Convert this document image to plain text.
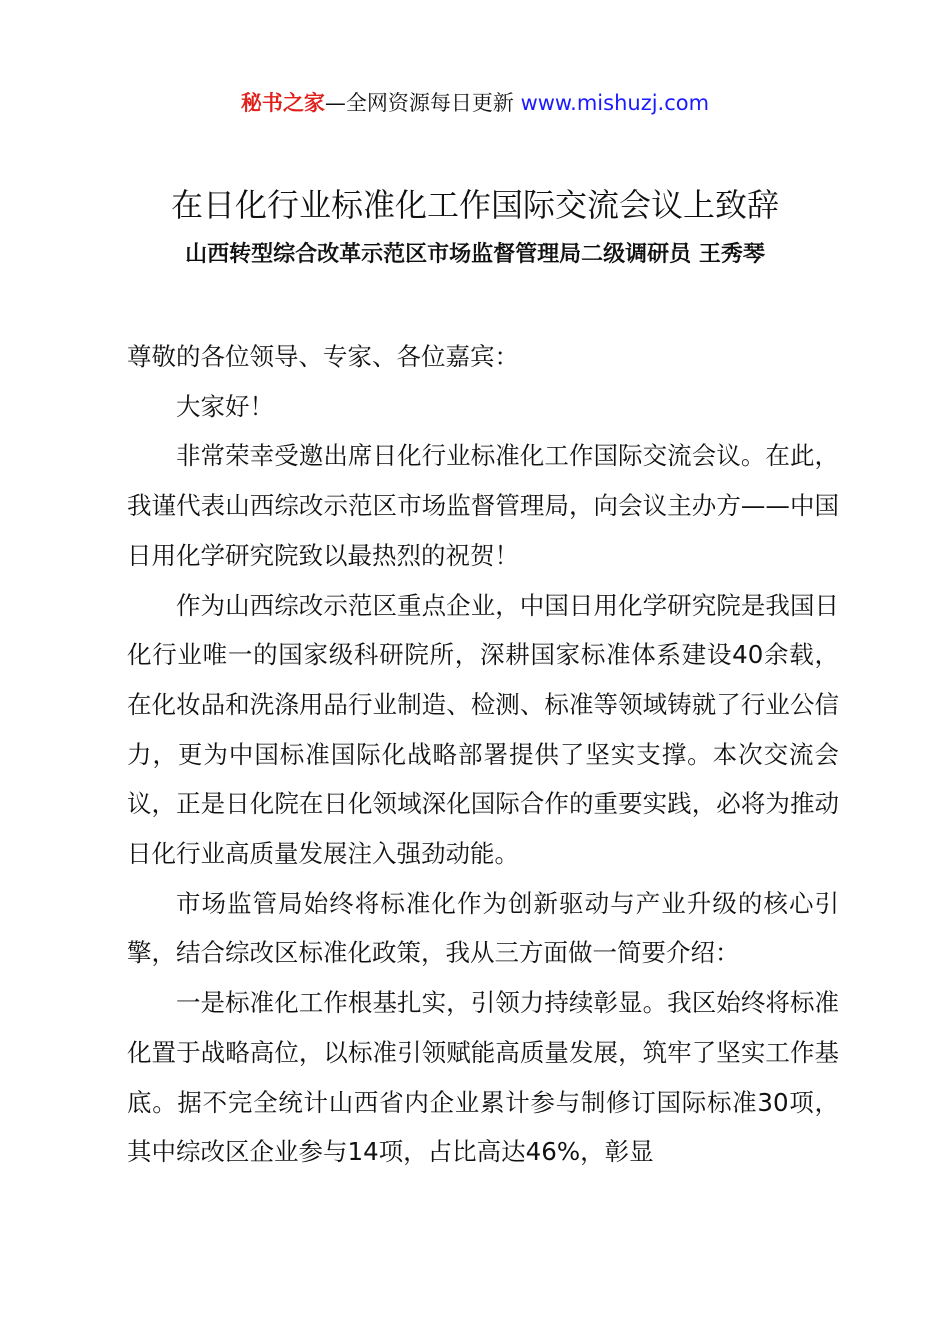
秘书之家—全网资源每日更新 www.mishuzj.com
在日化行业标准化工作国际交流会议上致辞
山西转型综合改革示范区市场监督管理局二级调研员 王秀琴

尊敬的各位领导、专家、各位嘉宾：

大家好！

非常荣幸受邀出席日化行业标准化工作国际交流会议。在此，我谨代表山西综改示范区市场监督管理局，向会议主办方——中国日用化学研究院致以最热烈的祝贺！

作为山西综改示范区重点企业，中国日用化学研究院是我国日化行业唯一的国家级科研院所，深耕国家标准体系建设40余载，在化妆品和洗涤用品行业制造、检测、标准等领域铸就了行业公信力，更为中国标准国际化战略部署提供了坚实支撑。本次交流会议，正是日化院在日化领域深化国际合作的重要实践，必将为推动日化行业高质量发展注入强劲动能。

市场监管局始终将标准化作为创新驱动与产业升级的核心引擎，结合综改区标准化政策，我从三方面做一简要介绍：

一是标准化工作根基扎实，引领力持续彰显。我区始终将标准化置于战略高位，以标准引领赋能高质量发展，筑牢了坚实工作基底。据不完全统计山西省内企业累计参与制修订国际标准30项，其中综改区企业参与14项，占比高达46%，彰显
